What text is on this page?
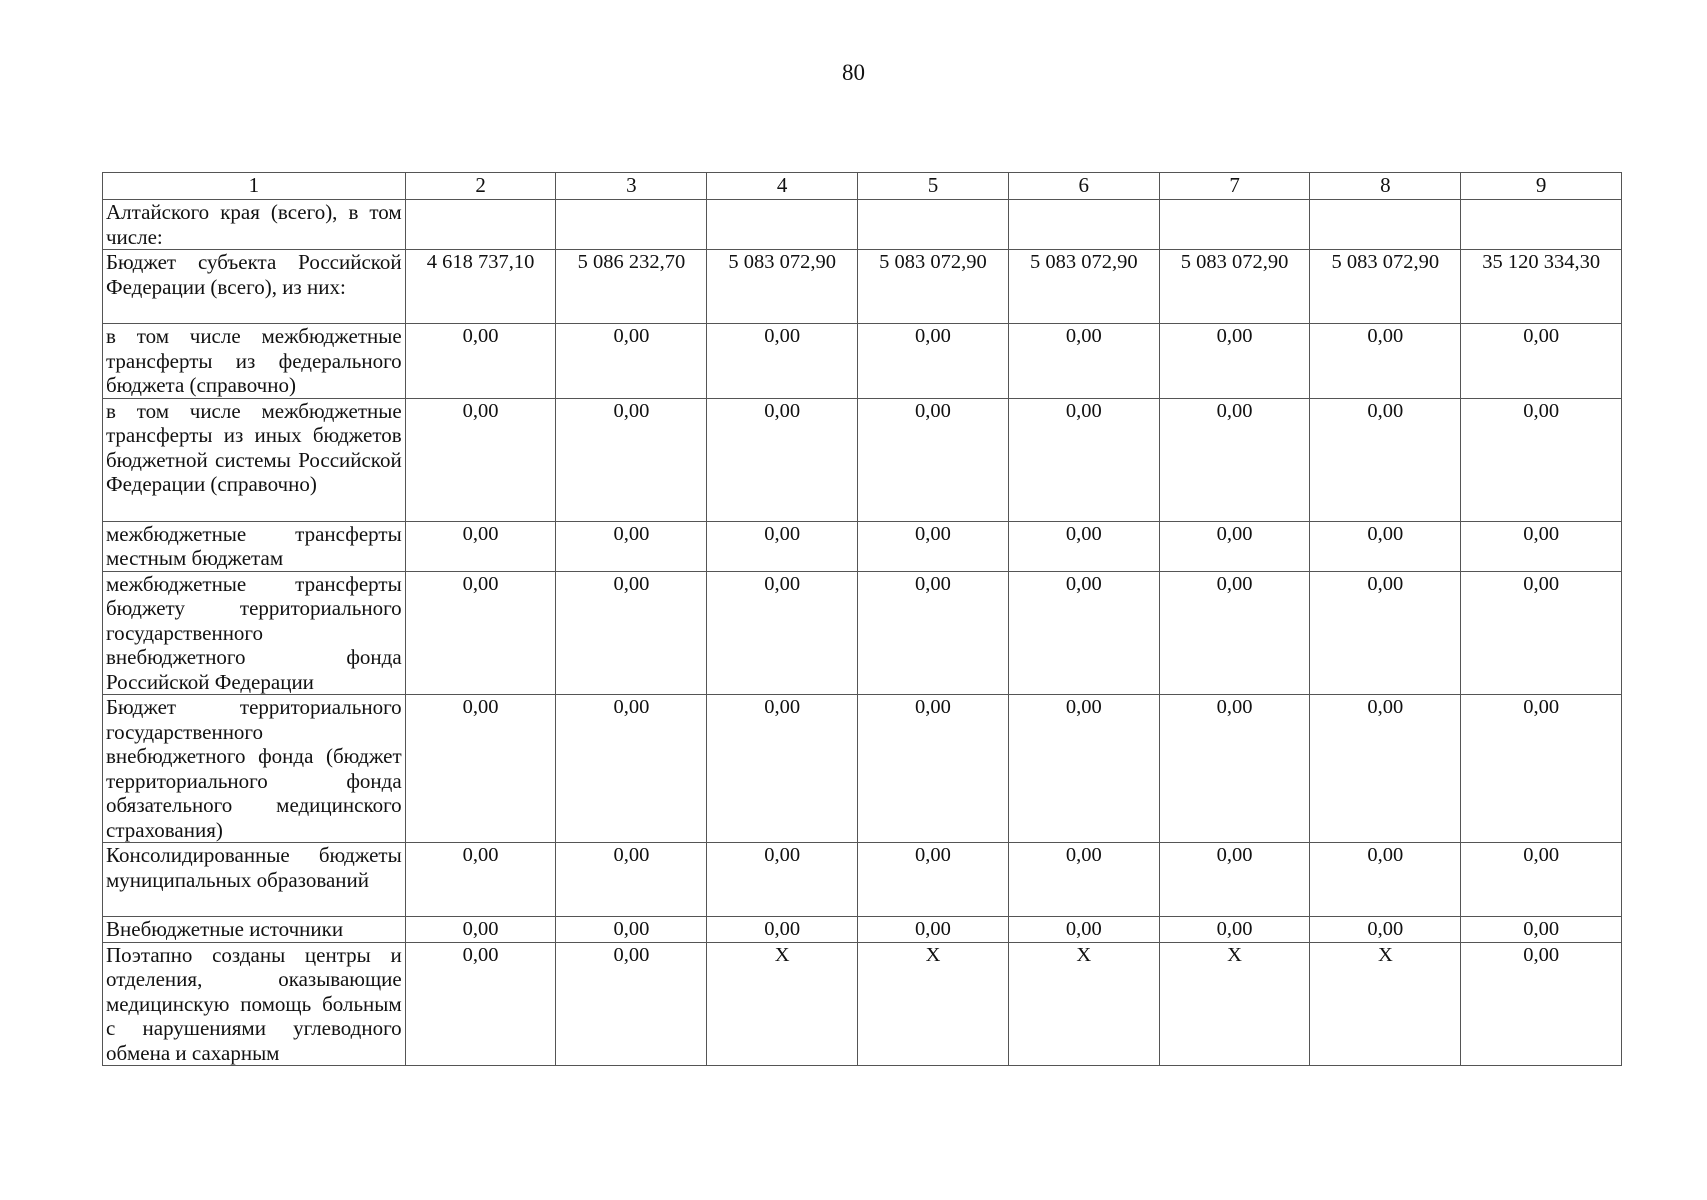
80
1	2	3	4	5	6	7	8	9
Алтайского края (всего), в том числе:								
Бюджет субъекта Российской Федерации (всего), из них:	4 618 737,10	5 086 232,70	5 083 072,90	5 083 072,90	5 083 072,90	5 083 072,90	5 083 072,90	35 120 334,30
в том числе межбюджетные трансферты из федерального бюджета (справочно)	0,00	0,00	0,00	0,00	0,00	0,00	0,00	0,00
в том числе межбюджетные трансферты из иных бюджетов бюджетной системы Российской Федерации (справочно)	0,00	0,00	0,00	0,00	0,00	0,00	0,00	0,00
межбюджетные трансферты местным бюджетам	0,00	0,00	0,00	0,00	0,00	0,00	0,00	0,00
межбюджетные трансферты бюджету территориального государственного внебюджетного фонда Российской Федерации	0,00	0,00	0,00	0,00	0,00	0,00	0,00	0,00
Бюджет территориального государственного внебюджетного фонда (бюджет территориального фонда обязательного медицинского страхования)	0,00	0,00	0,00	0,00	0,00	0,00	0,00	0,00
Консолидированные бюджеты муниципальных образований	0,00	0,00	0,00	0,00	0,00	0,00	0,00	0,00
Внебюджетные источники	0,00	0,00	0,00	0,00	0,00	0,00	0,00	0,00
Поэтапно созданы центры и отделения, оказывающие медицинскую помощь больным с нарушениями углеводного обмена и сахарным	0,00	0,00	Х	Х	Х	Х	Х	0,00
